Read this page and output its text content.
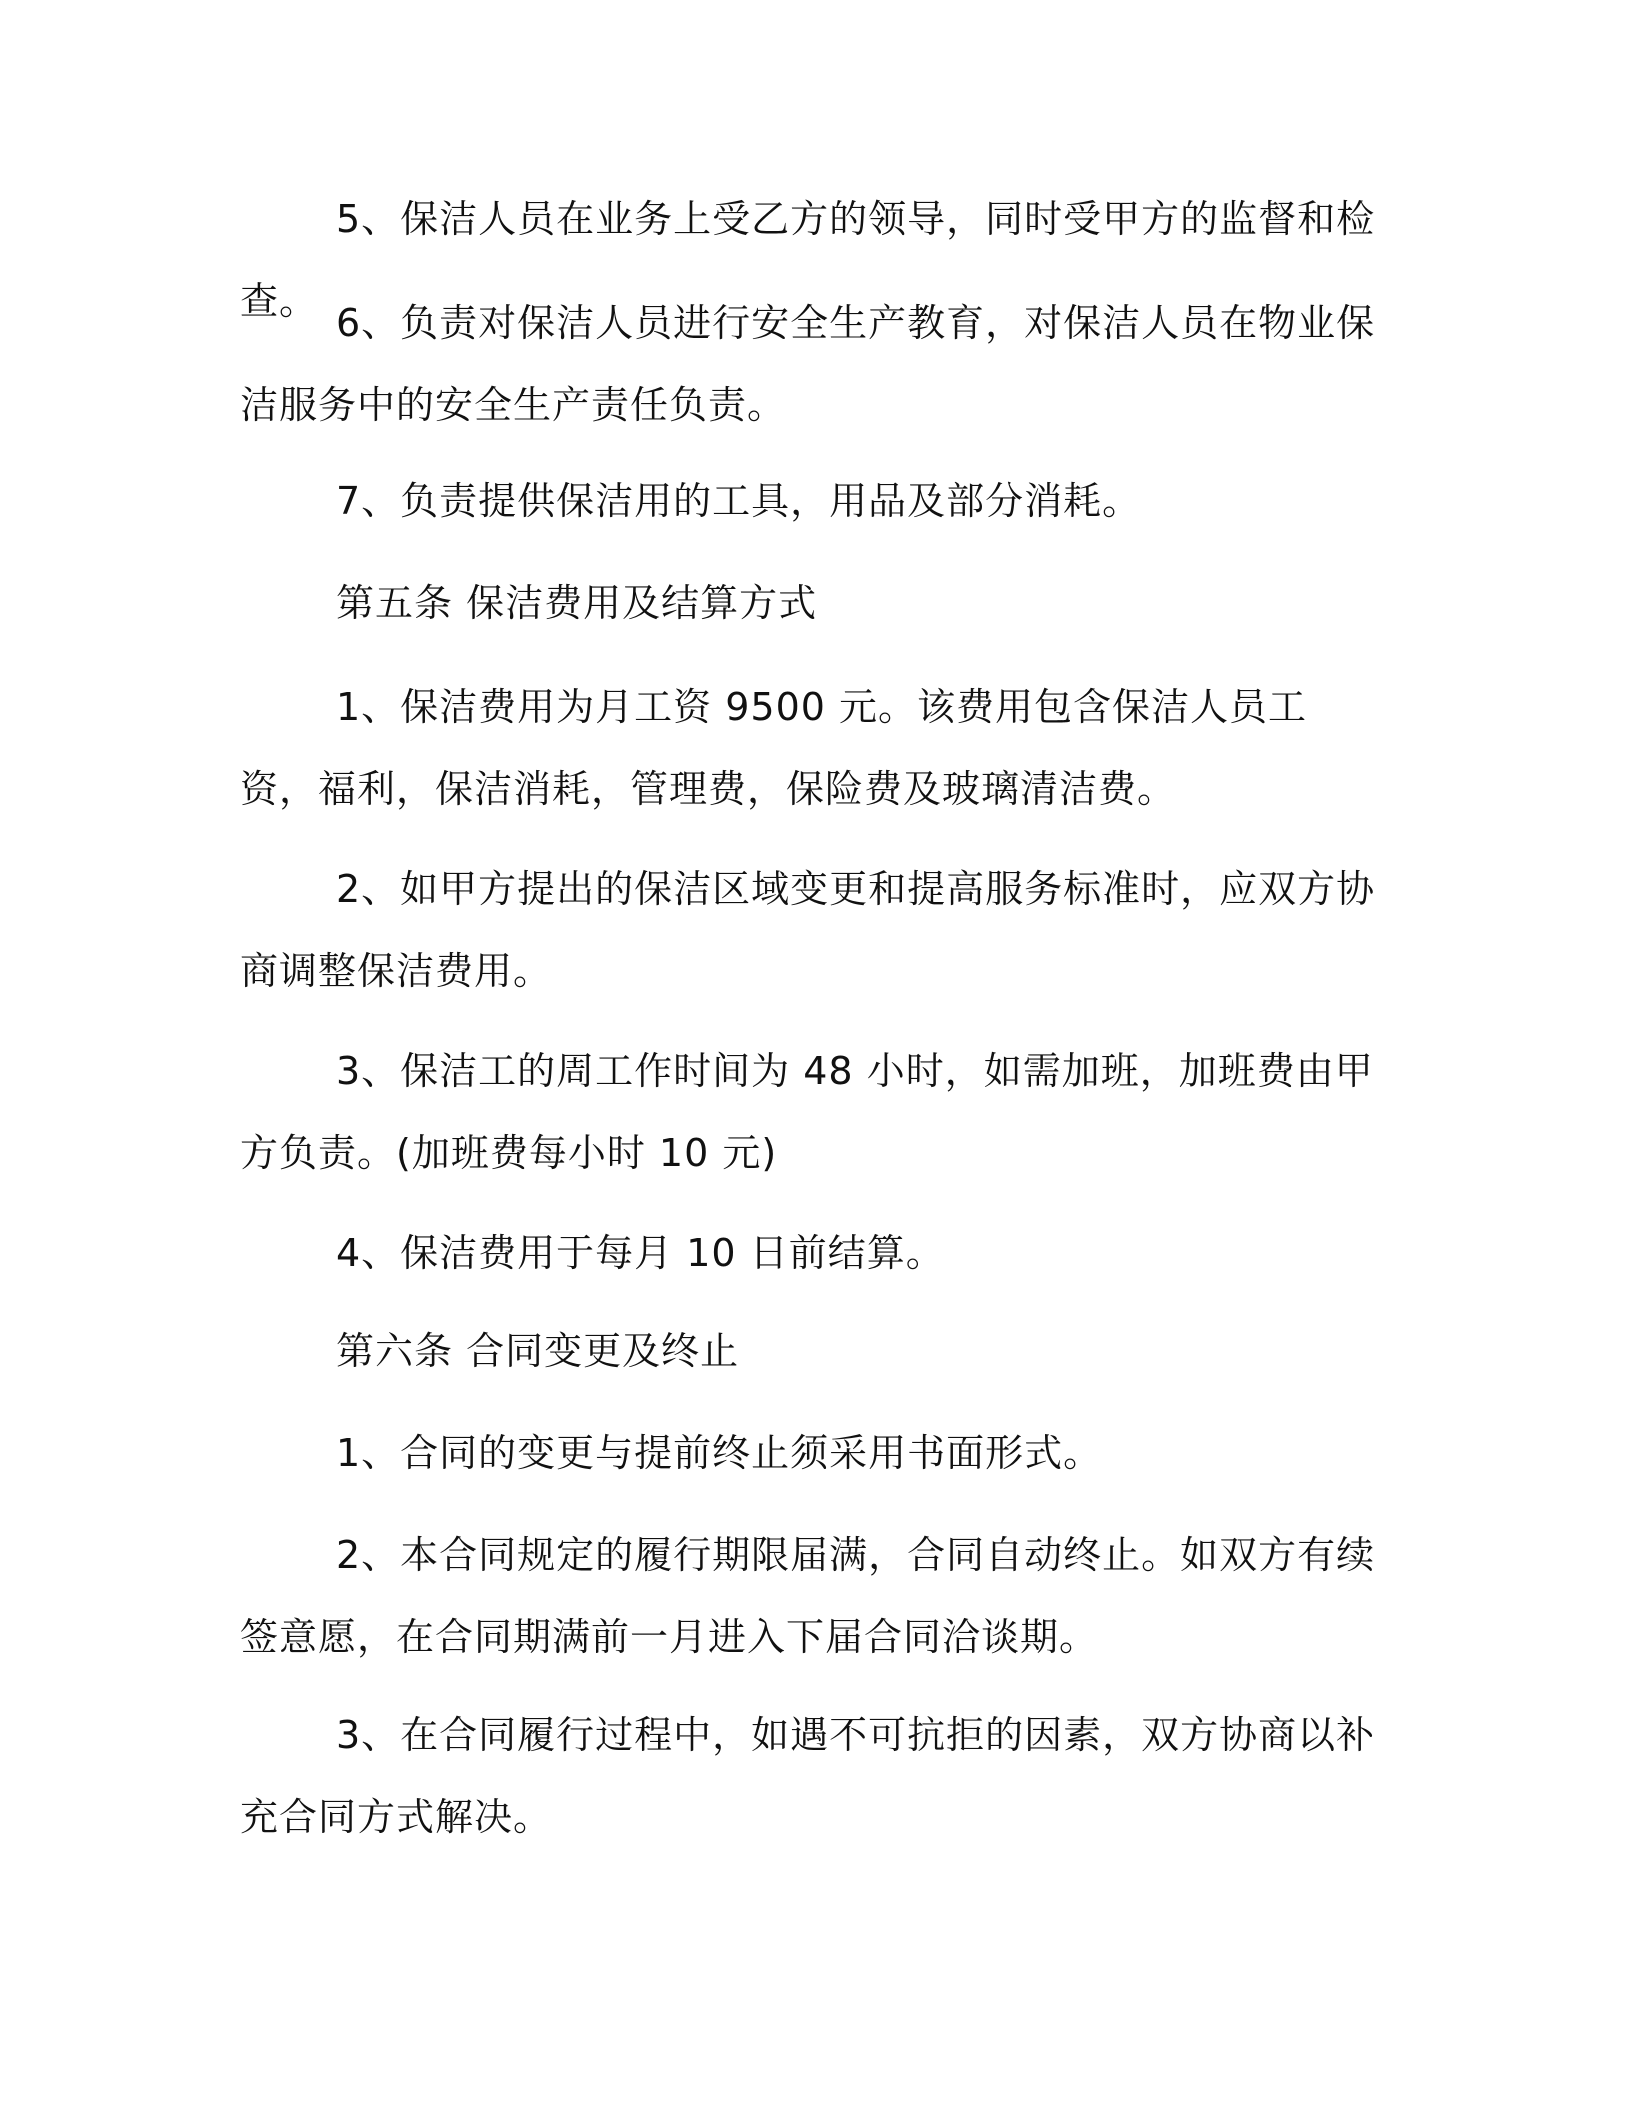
5、保洁人员在业务上受乙方的领导，同时受甲方的监督和检查。 6、负责对保洁人员进行安全生产教育，对保洁人员在物业保洁服务中的安全生产责任负责。

7、负责提供保洁用的工具，用品及部分消耗。

第五条 保洁费用及结算方式

1、保洁费用为月工资 9500 元。该费用包含保洁人员工资，福利，保洁消耗，管理费，保险费及玻璃清洁费。

2、如甲方提出的保洁区域变更和提高服务标准时，应双方协商调整保洁费用。

3、保洁工的周工作时间为 48 小时，如需加班，加班费由甲方负责。(加班费每小时 10 元)

4、保洁费用于每月 10 日前结算。

第六条 合同变更及终止

1、合同的变更与提前终止须采用书面形式。

2、本合同规定的履行期限届满，合同自动终止。如双方有续签意愿，在合同期满前一月进入下届合同洽谈期。

3、在合同履行过程中，如遇不可抗拒的因素，双方协商以补充合同方式解决。
